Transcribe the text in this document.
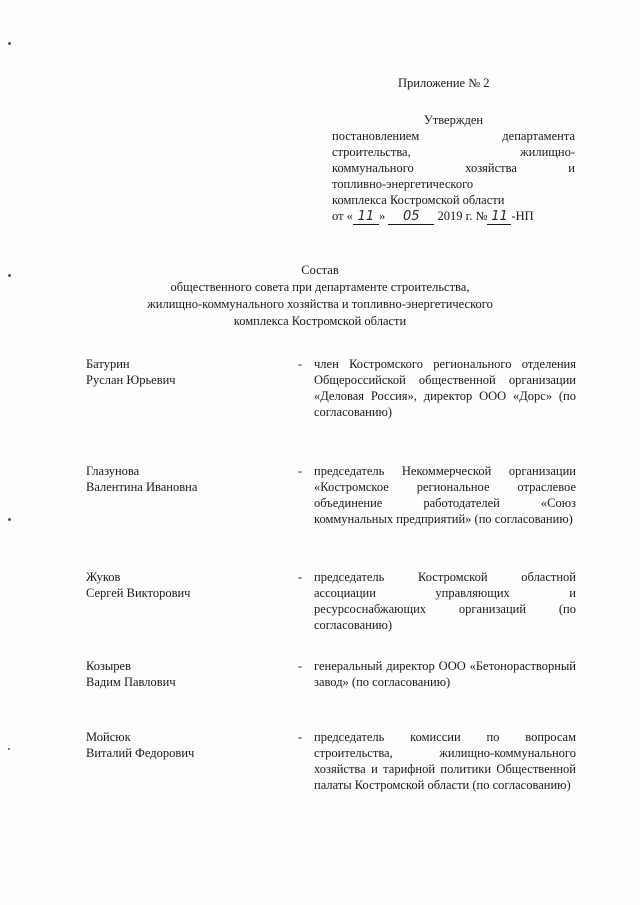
Приложение № 2
Утвержден
постановлением департамента
строительства, жилищно-
коммунального хозяйства и
топливно-энергетического
комплекса Костромской области
от « 11 » 05 2019 г. № 11 -НП
Состав
общественного совета при департаменте строительства,
жилищно-коммунального хозяйства и топливно-энергетического
комплекса Костромской области
Батурин
Руслан Юрьевич
- член Костромского регионального отделения Общероссийской общественной организации «Деловая Россия», директор ООО «Дорс» (по согласованию)
Глазунова
Валентина Ивановна
- председатель Некоммерческой организации «Костромское региональное отраслевое объединение работодателей «Союз коммунальных предприятий» (по согласованию)
Жуков
Сергей Викторович
- председатель Костромской областной ассоциации управляющих и ресурсоснабжающих организаций (по согласованию)
Козырев
Вадим Павлович
- генеральный директор ООО «Бетонорастворный завод» (по согласованию)
Мойсюк
Виталий Федорович
- председатель комиссии по вопросам строительства, жилищно-коммунального хозяйства и тарифной политики Общественной палаты Костромской области (по согласованию)
